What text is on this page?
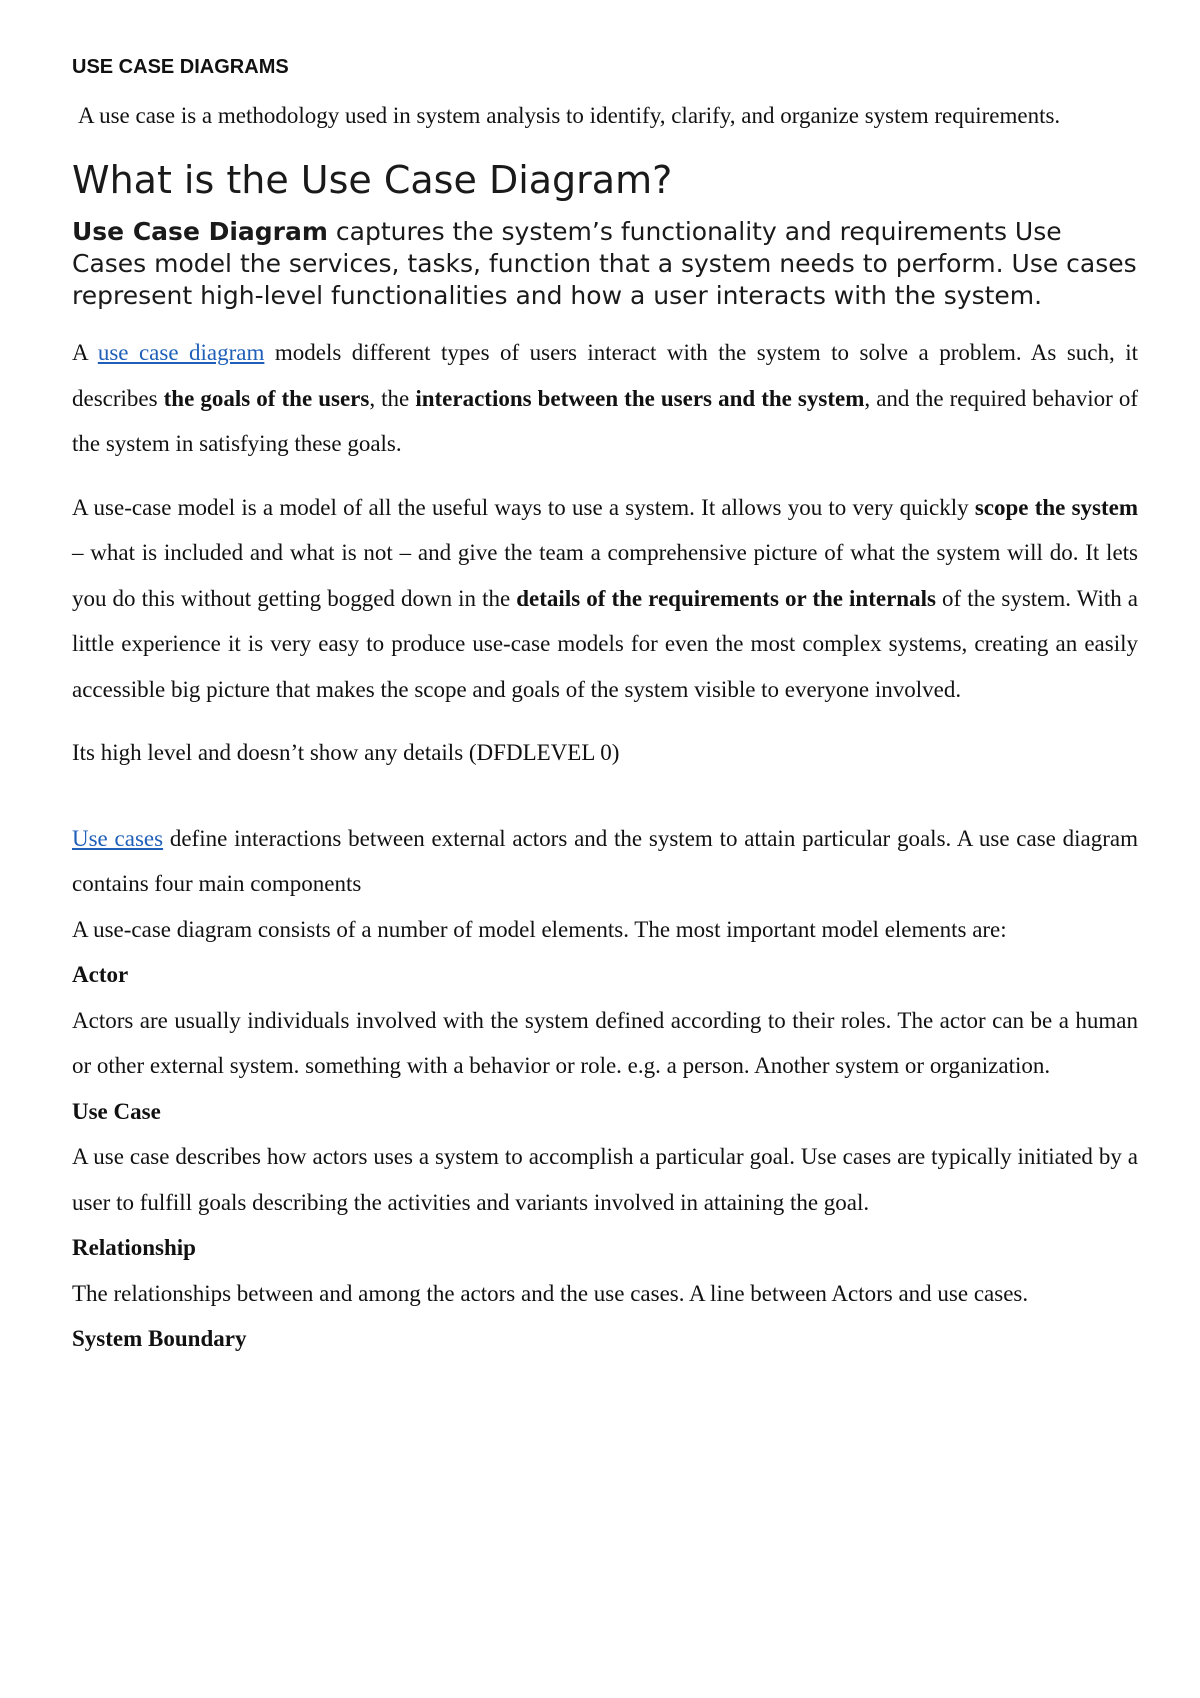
USE CASE DIAGRAMS

A use case is a methodology used in system analysis to identify, clarify, and organize system requirements.

What is the Use Case Diagram?

Use Case Diagram captures the system’s functionality and requirements Use Cases model the services, tasks, function that a system needs to perform. Use cases represent high-level functionalities and how a user interacts with the system.

A use case diagram models different types of users interact with the system to solve a problem. As such, it describes the goals of the users, the interactions between the users and the system, and the required behavior of the system in satisfying these goals.

A use-case model is a model of all the useful ways to use a system. It allows you to very quickly scope the system – what is included and what is not – and give the team a comprehensive picture of what the system will do. It lets you do this without getting bogged down in the details of the requirements or the internals of the system. With a little experience it is very easy to produce use-case models for even the most complex systems, creating an easily accessible big picture that makes the scope and goals of the system visible to everyone involved.

Its high level and doesn’t show any details (DFDLEVEL 0)

Use cases define interactions between external actors and the system to attain particular goals. A use case diagram contains four main components

A use-case diagram consists of a number of model elements. The most important model elements are:

Actor

Actors are usually individuals involved with the system defined according to their roles. The actor can be a human or other external system. something with a behavior or role. e.g. a person. Another system or organization.

Use Case

A use case describes how actors uses a system to accomplish a particular goal. Use cases are typically initiated by a user to fulfill goals describing the activities and variants involved in attaining the goal.

Relationship

The relationships between and among the actors and the use cases. A line between Actors and use cases.

System Boundary
